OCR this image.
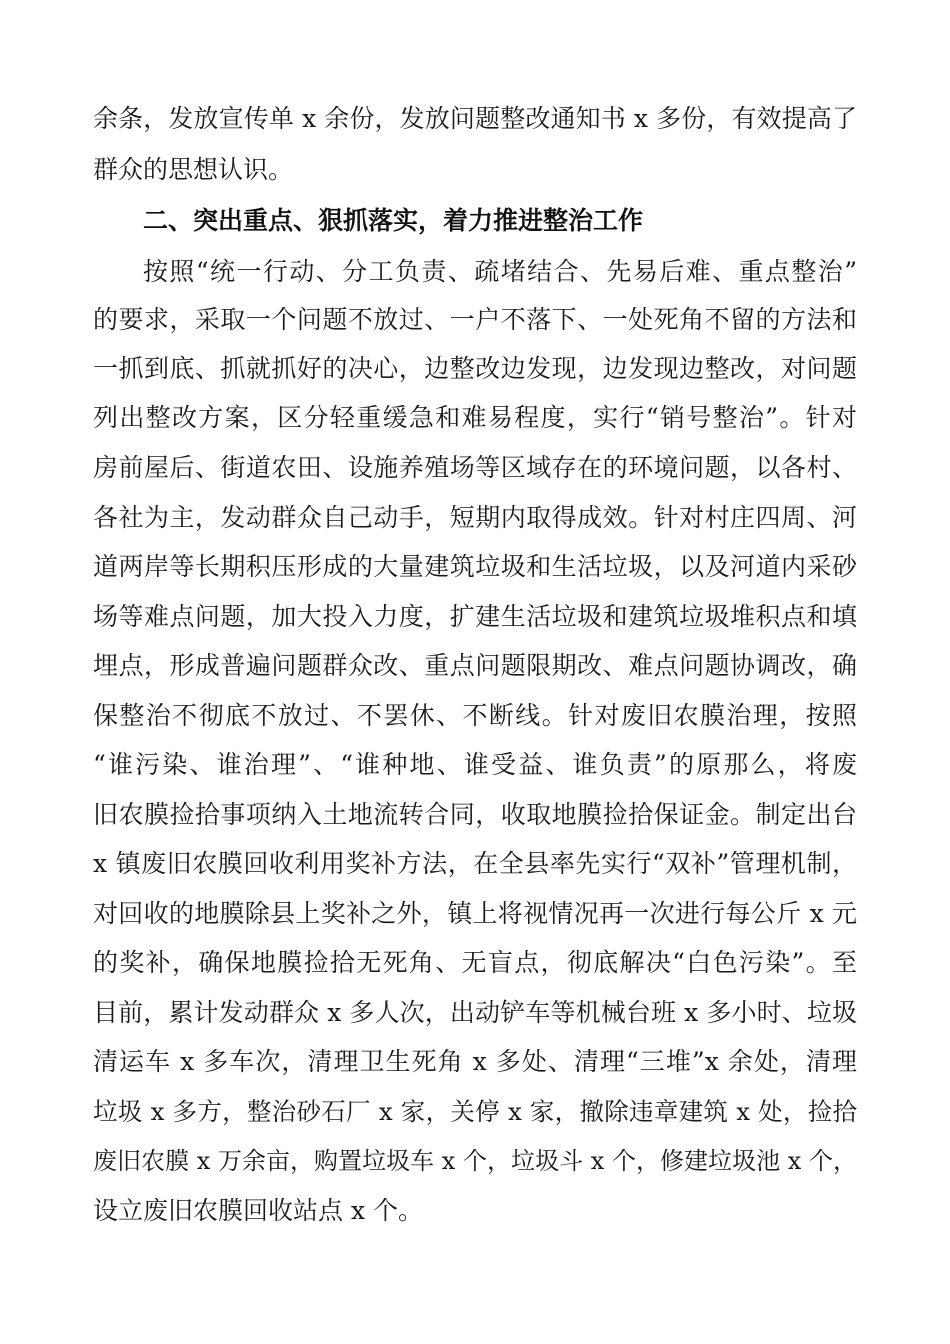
余条，发放宣传单 x 余份，发放问题整改通知书 x 多份，有效提高了
群众的思想认识。
二、突出重点、狠抓落实，着力推进整治工作
按照“统一行动、分工负责、疏堵结合、先易后难、重点整治”
的要求，采取一个问题不放过、一户不落下、一处死角不留的方法和
一抓到底、抓就抓好的决心，边整改边发现，边发现边整改，对问题
列出整改方案，区分轻重缓急和难易程度，实行“销号整治”。针对
房前屋后、街道农田、设施养殖场等区域存在的环境问题，以各村、
各社为主，发动群众自己动手，短期内取得成效。针对村庄四周、河
道两岸等长期积压形成的大量建筑垃圾和生活垃圾，以及河道内采砂
场等难点问题，加大投入力度，扩建生活垃圾和建筑垃圾堆积点和填
埋点，形成普遍问题群众改、重点问题限期改、难点问题协调改，确
保整治不彻底不放过、不罢休、不断线。针对废旧农膜治理，按照
“谁污染、谁治理”、“谁种地、谁受益、谁负责”的原那么，将废
旧农膜捡拾事项纳入土地流转合同，收取地膜捡拾保证金。制定出台
x 镇废旧农膜回收利用奖补方法，在全县率先实行“双补”管理机制，
对回收的地膜除县上奖补之外，镇上将视情况再一次进行每公斤 x 元
的奖补，确保地膜捡拾无死角、无盲点，彻底解决“白色污染”。至
目前，累计发动群众 x 多人次，出动铲车等机械台班 x 多小时、垃圾
清运车 x 多车次，清理卫生死角 x 多处、清理“三堆”x 余处，清理
垃圾 x 多方，整治砂石厂 x 家，关停 x 家，撤除违章建筑 x 处，捡拾
废旧农膜 x 万余亩，购置垃圾车 x 个，垃圾斗 x 个，修建垃圾池 x 个，
设立废旧农膜回收站点 x 个。
